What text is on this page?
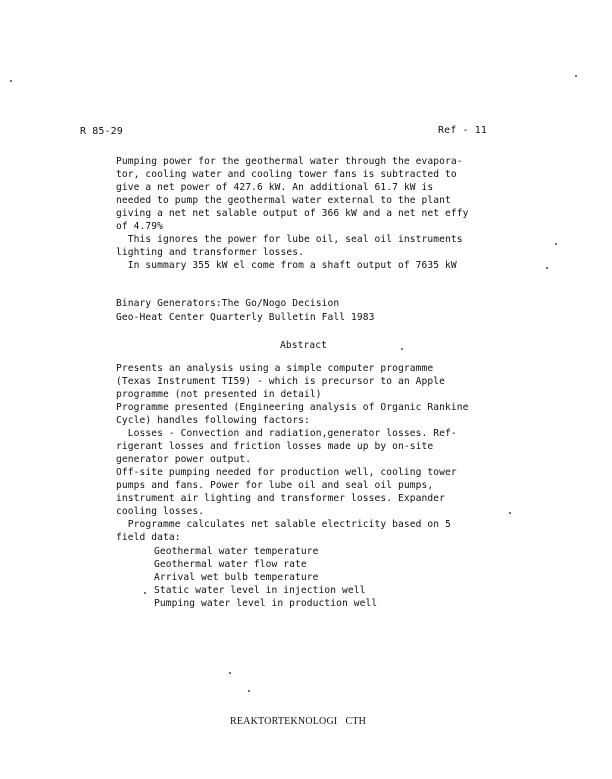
R 85-29	Ref - 11
Pumping power for the geothermal water through the evapora-
tor, cooling water and cooling tower fans is subtracted to
give a net power of 427.6 kW. An additional 61.7 kW is
needed to pump the geothermal water external to the plant
giving a net net salable output of 366 kW and a net net effy
of 4.79%
This ignores the power for lube oil, seal oil instruments
lighting and transformer losses.
In summary 355 kW el come from a shaft output of 7635 kW
Binary Generators:The Go/Nogo Decision
Geo-Heat Center Quarterly Bulletin Fall 1983
Abstract
Presents an analysis using a simple computer programme
(Texas Instrument TI59) - which is precursor to an Apple
programme (not presented in detail)
Programme presented (Engineering analysis of Organic Rankine
Cycle) handles following factors:
Losses - Convection and radiation,generator losses. Ref-
rigerant losses and friction losses made up by on-site
generator power output.
Off-site pumping needed for production well, cooling tower
pumps and fans. Power for lube oil and seal oil pumps,
instrument air lighting and transformer losses. Expander
cooling losses.
Programme calculates net salable electricity based on 5
field data:
Geothermal water temperature
Geothermal water flow rate
Arrival wet bulb temperature
Static water level in injection well
Pumping water level in production well
REAKTORTEKNOLOGI   CTH
